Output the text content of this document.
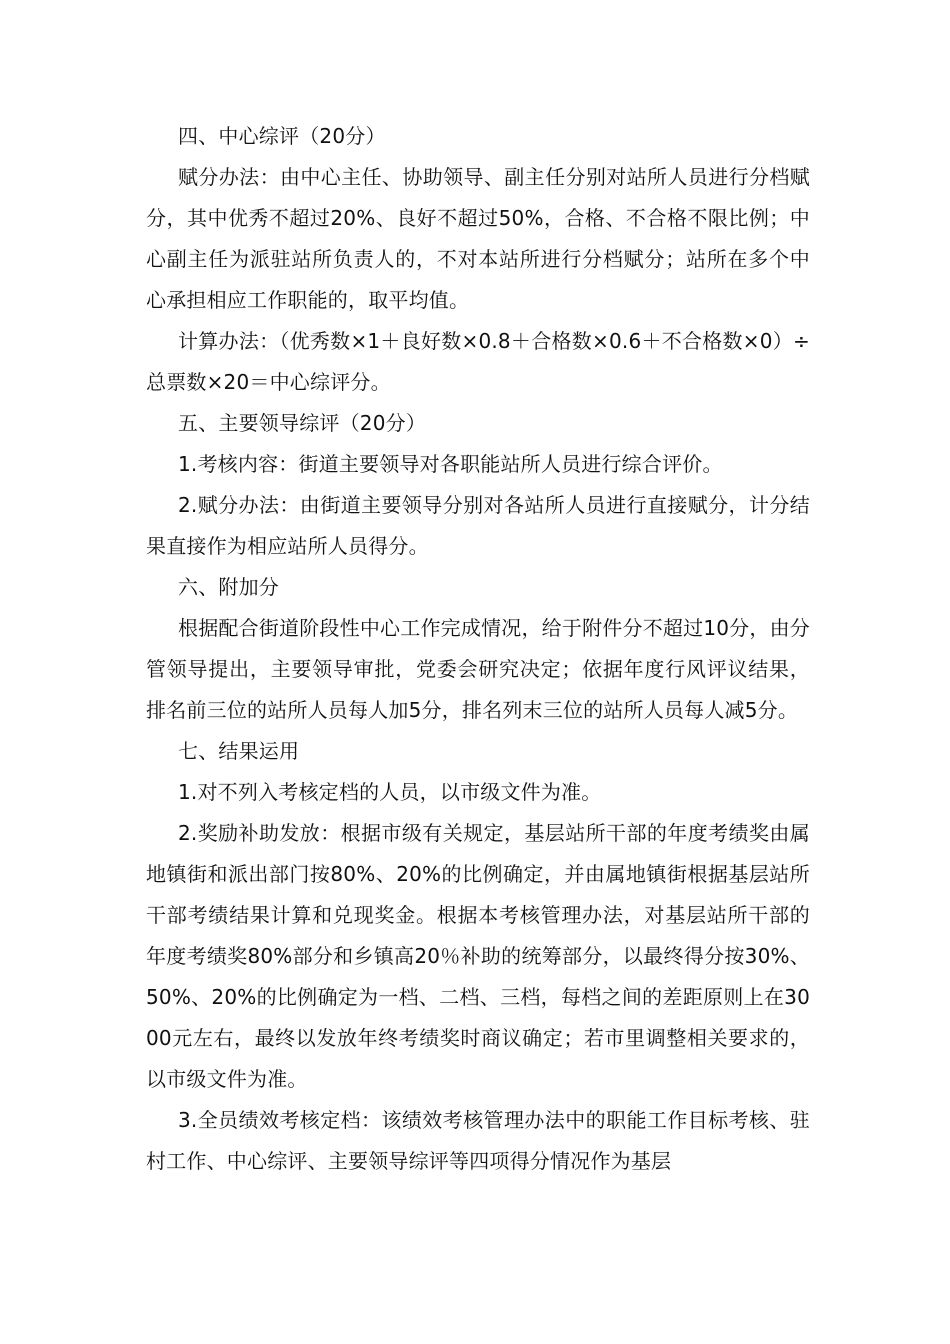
四、中心综评（20分）

赋分办法：由中心主任、协助领导、副主任分别对站所人员进行分档赋分，其中优秀不超过20%、良好不超过50%，合格、不合格不限比例；中心副主任为派驻站所负责人的，不对本站所进行分档赋分；站所在多个中心承担相应工作职能的，取平均值。

计算办法：（优秀数×1＋良好数×0.8＋合格数×0.6＋不合格数×0）÷总票数×20＝中心综评分。

五、主要领导综评（20分）

1.考核内容：街道主要领导对各职能站所人员进行综合评价。

2.赋分办法：由街道主要领导分别对各站所人员进行直接赋分，计分结果直接作为相应站所人员得分。

六、附加分

根据配合街道阶段性中心工作完成情况，给于附件分不超过10分，由分管领导提出，主要领导审批，党委会研究决定；依据年度行风评议结果，排名前三位的站所人员每人加5分，排名列末三位的站所人员每人减5分。

七、结果运用

1.对不列入考核定档的人员，以市级文件为准。

2.奖励补助发放：根据市级有关规定，基层站所干部的年度考绩奖由属地镇街和派出部门按80%、20%的比例确定，并由属地镇街根据基层站所干部考绩结果计算和兑现奖金。根据本考核管理办法，对基层站所干部的年度考绩奖80%部分和乡镇高20％补助的统筹部分，以最终得分按30%、50%、20%的比例确定为一档、二档、三档，每档之间的差距原则上在3000元左右，最终以发放年终考绩奖时商议确定；若市里调整相关要求的，以市级文件为准。

3.全员绩效考核定档：该绩效考核管理办法中的职能工作目标考核、驻村工作、中心综评、主要领导综评等四项得分情况作为基层
